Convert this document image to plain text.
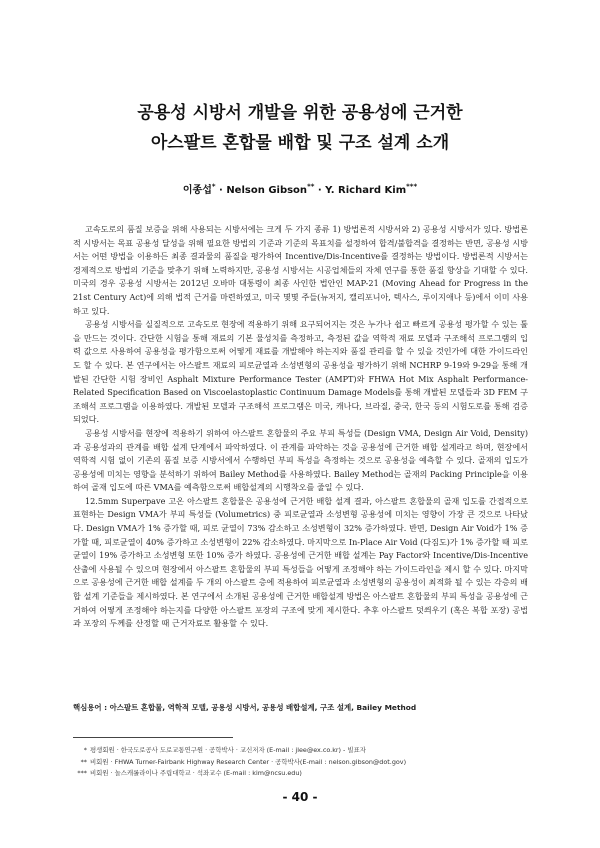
공용성 시방서 개발을 위한 공용성에 근거한
아스팔트 혼합물 배합 및 구조 설계 소개
이종섭* · Nelson Gibson** · Y. Richard Kim***

고속도로의 품질 보증을 위해 사용되는 시방서에는 크게 두 가지 종류 1) 방법론적 시방서와 2) 공용성 시방서가 있다. 방법론적 시방서는 목표 공용성 달성을 위해 필요한 방법의 기준과 기준의 목표치를 설정하여 합격/불합격을 결정하는 반면, 공용성 시방서는 어떤 방법을 이용하든 최종 결과물의 품질을 평가하여 Incentive/Dis-Incentive를 결정하는 방법이다. 방법론적 시방서는 경제적으로 방법의 기준을 맞추기 위해 노력하지만, 공용성 시방서는 시공업체들의 자체 연구를 통한 품질 향상을 기대할 수 있다. 미국의 경우 공용성 시방서는 2012년 오바마 대통령이 최종 사인한 법안인 MAP-21 (Moving Ahead for Progress in the 21st Century Act)에 의해 법적 근거를 마련하였고, 미국 몇몇 주들(뉴저지, 캘리포니아, 텍사스, 루이지애나 등)에서 이미 사용하고 있다.

공용성 시방서를 실질적으로 고속도로 현장에 적용하기 위해 요구되어지는 것은 누가나 쉽고 빠르게 공용성 평가할 수 있는 툴을 만드는 것이다. 간단한 시험을 통해 재료의 기본 물성치를 측정하고, 측정된 값을 역학적 재료 모델과 구조해석 프로그램의 입력 값으로 사용하여 공용성을 평가함으로써 어떻게 재료를 개발해야 하는지와 품질 관리를 할 수 있을 것인가에 대한 가이드라인도 할 수 있다. 본 연구에서는 아스팔트 재료의 피로균열과 소성변형의 공용성을 평가하기 위해 NCHRP 9-19와 9-29을 통해 개발된 간단한 시험 장비인 Asphalt Mixture Performance Tester (AMPT)와 FHWA Hot Mix Asphalt Performance-Related Specification Based on Viscoelastoplastic Continuum Damage Models를 통해 개발된 모델들과 3D FEM 구조해석 프로그램을 이용하였다. 개발된 모델과 구조해석 프로그램은 미국, 캐나다, 브라질, 중국, 한국 등의 시험도로를 통해 검증되었다.

공용성 시방서를 현장에 적용하기 위하여 아스팔트 혼합물의 주요 부피 특성들 (Design VMA, Design Air Void, Density)과 공용성과의 관계를 배합 설계 단계에서 파악하였다. 이 관계를 파악하는 것을 공용성에 근거한 배합 설계라고 하며, 현장에서 역학적 시험 없이 기존의 품질 보증 시방서에서 수행하던 부피 특성을 측정하는 것으로 공용성을 예측할 수 있다. 골재의 입도가 공용성에 미치는 영향을 분석하기 위하여 Bailey Method를 사용하였다. Bailey Method는 골재의 Packing Principle을 이용하여 골재 입도에 따른 VMA를 예측함으로써 배합설계의 시행착오를 줄일 수 있다.

12.5mm Superpave 고온 아스팔트 혼합물은 공용성에 근거한 배합 설계 결과, 아스팔트 혼합물의 골재 입도를 간접적으로 표현하는 Design VMA가 부피 특성들 (Volumetrics) 중 피로균열과 소성변형 공용성에 미치는 영향이 가장 큰 것으로 나타났다. Design VMA가 1% 증가할 때, 피로 균열이 73% 감소하고 소성변형이 32% 증가하였다. 반면, Design Air Void가 1% 증가할 때, 피로균열이 40% 증가하고 소성변형이 22% 감소하였다. 마지막으로 In-Place Air Void (다짐도)가 1% 증가할 때 피로균열이 19% 증가하고 소성변형 또한 10% 증가 하였다. 공용성에 근거한 배합 설계는 Pay Factor와 Incentive/Dis-Incentive 산출에 사용될 수 있으며 현장에서 아스팔트 혼합물의 부피 특성들을 어떻게 조정해야 하는 가이드라인을 제시 할 수 있다. 마지막으로 공용성에 근거한 배합 설계를 두 개의 아스팔트 층에 적용하여 피로균열과 소성변형의 공용성이 최적화 될 수 있는 각층의 배합 설계 기준들을 제시하였다. 본 연구에서 소개된 공용성에 근거한 배합설계 방법은 아스팔트 혼합물의 부피 특성을 공용성에 근거하여 어떻게 조정해야 하는지를 다양한 아스팔트 포장의 구조에 맞게 제시한다. 추후 아스팔트 덧씌우기 (혹은 복합 포장) 공법과 포장의 두께를 산정할 때 근거자료로 활용할 수 있다.

핵심용어 : 아스팔트 혼합물, 역학적 모델, 공용성 시방서, 공용성 배합설계, 구조 설계, Bailey Method
* 평생회원 · 한국도로공사 도로교통연구원 · 공학박사 · 교신저자 (E-mail : jlee@ex.co.kr) - 빌표자
** 비회원 · FHWA Turner-Fairbank Highway Research Center · 공학박사(E-mail : nelson.gibson@dot.gov)
*** 비회원 · 놀스캐롤라이나 주립대학교 · 석좌교수 (E-mail : kim@ncsu.edu)
- 40 -
